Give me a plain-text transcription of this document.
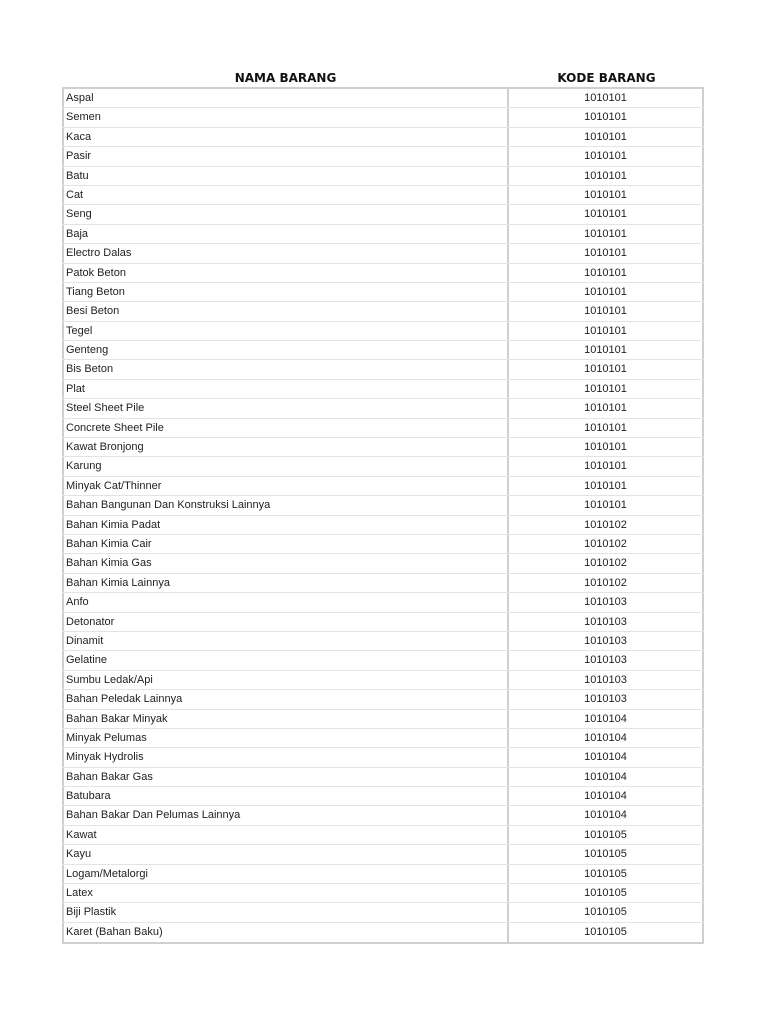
NAMA BARANG	KODE BARANG
Aspal	1010101
Semen	1010101
Kaca	1010101
Pasir	1010101
Batu	1010101
Cat	1010101
Seng	1010101
Baja	1010101
Electro Dalas	1010101
Patok Beton	1010101
Tiang Beton	1010101
Besi Beton	1010101
Tegel	1010101
Genteng	1010101
Bis Beton	1010101
Plat	1010101
Steel Sheet Pile	1010101
Concrete Sheet Pile	1010101
Kawat Bronjong	1010101
Karung	1010101
Minyak Cat/Thinner	1010101
Bahan Bangunan Dan Konstruksi Lainnya	1010101
Bahan Kimia Padat	1010102
Bahan Kimia Cair	1010102
Bahan Kimia Gas	1010102
Bahan Kimia Lainnya	1010102
Anfo	1010103
Detonator	1010103
Dinamit	1010103
Gelatine	1010103
Sumbu Ledak/Api	1010103
Bahan Peledak Lainnya	1010103
Bahan Bakar Minyak	1010104
Minyak Pelumas	1010104
Minyak Hydrolis	1010104
Bahan Bakar Gas	1010104
Batubara	1010104
Bahan Bakar Dan Pelumas Lainnya	1010104
Kawat	1010105
Kayu	1010105
Logam/Metalorgi	1010105
Latex	1010105
Biji Plastik	1010105
Karet (Bahan Baku)	1010105
